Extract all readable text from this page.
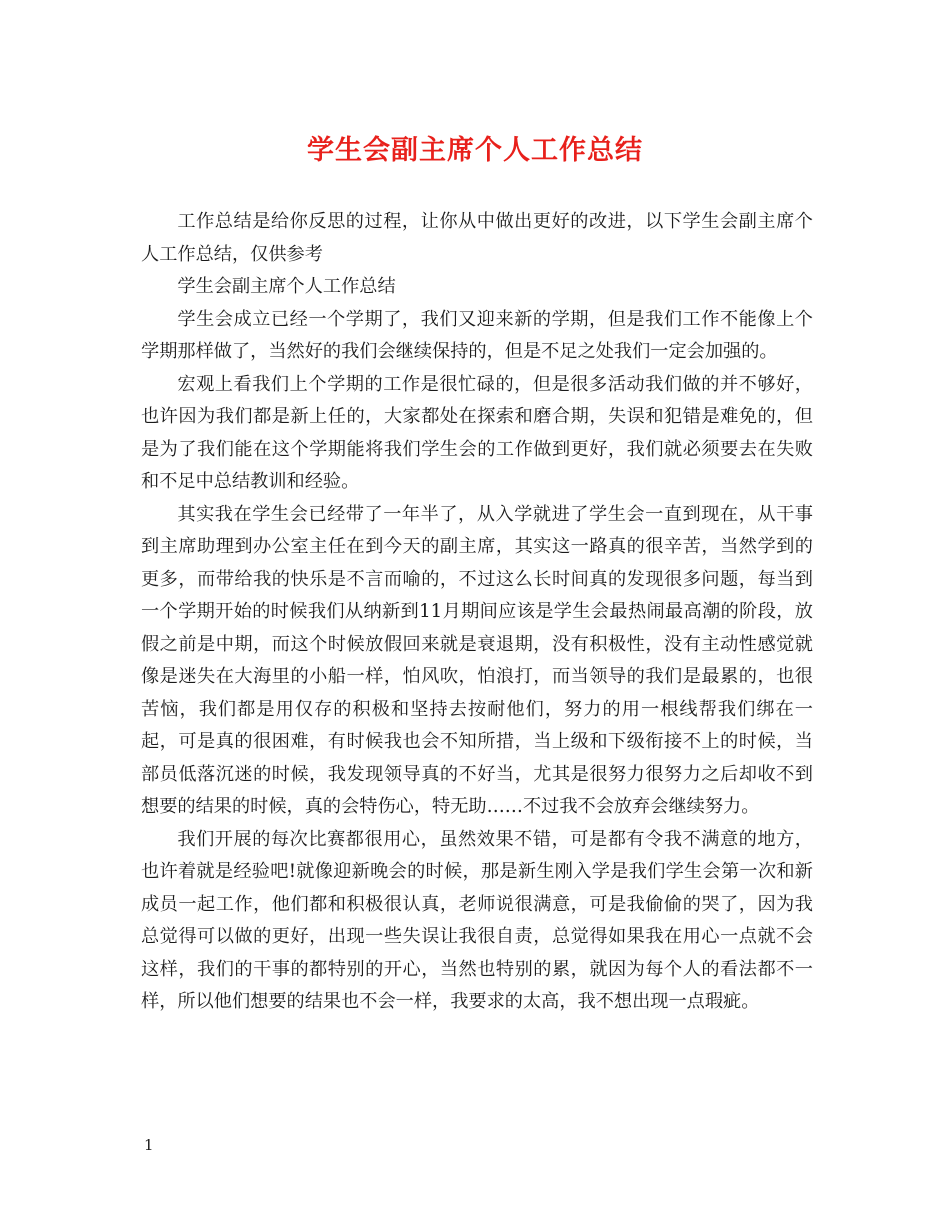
学生会副主席个人工作总结

工作总结是给你反思的过程，让你从中做出更好的改进，以下学生会副主席个人工作总结，仅供参考

学生会副主席个人工作总结

学生会成立已经一个学期了，我们又迎来新的学期，但是我们工作不能像上个学期那样做了，当然好的我们会继续保持的，但是不足之处我们一定会加强的。

宏观上看我们上个学期的工作是很忙碌的，但是很多活动我们做的并不够好，也许因为我们都是新上任的，大家都处在探索和磨合期，失误和犯错是难免的，但是为了我们能在这个学期能将我们学生会的工作做到更好，我们就必须要去在失败和不足中总结教训和经验。

其实我在学生会已经带了一年半了，从入学就进了学生会一直到现在，从干事到主席助理到办公室主任在到今天的副主席，其实这一路真的很辛苦，当然学到的更多，而带给我的快乐是不言而喻的，不过这么长时间真的发现很多问题，每当到一个学期开始的时候我们从纳新到11月期间应该是学生会最热闹最高潮的阶段，放假之前是中期，而这个时候放假回来就是衰退期，没有积极性，没有主动性感觉就像是迷失在大海里的小船一样，怕风吹，怕浪打，而当领导的我们是最累的，也很苦恼，我们都是用仅存的积极和坚持去按耐他们，努力的用一根线帮我们绑在一起，可是真的很困难，有时候我也会不知所措，当上级和下级衔接不上的时候，当部员低落沉迷的时候，我发现领导真的不好当，尤其是很努力很努力之后却收不到想要的结果的时候，真的会特伤心，特无助……不过我不会放弃会继续努力。

我们开展的每次比赛都很用心，虽然效果不错，可是都有令我不满意的地方，也许着就是经验吧!就像迎新晚会的时候，那是新生刚入学是我们学生会第一次和新成员一起工作，他们都和积极很认真，老师说很满意，可是我偷偷的哭了，因为我总觉得可以做的更好，出现一些失误让我很自责，总觉得如果我在用心一点就不会这样，我们的干事的都特别的开心，当然也特别的累，就因为每个人的看法都不一样，所以他们想要的结果也不会一样，我要求的太高，我不想出现一点瑕疵。

1
